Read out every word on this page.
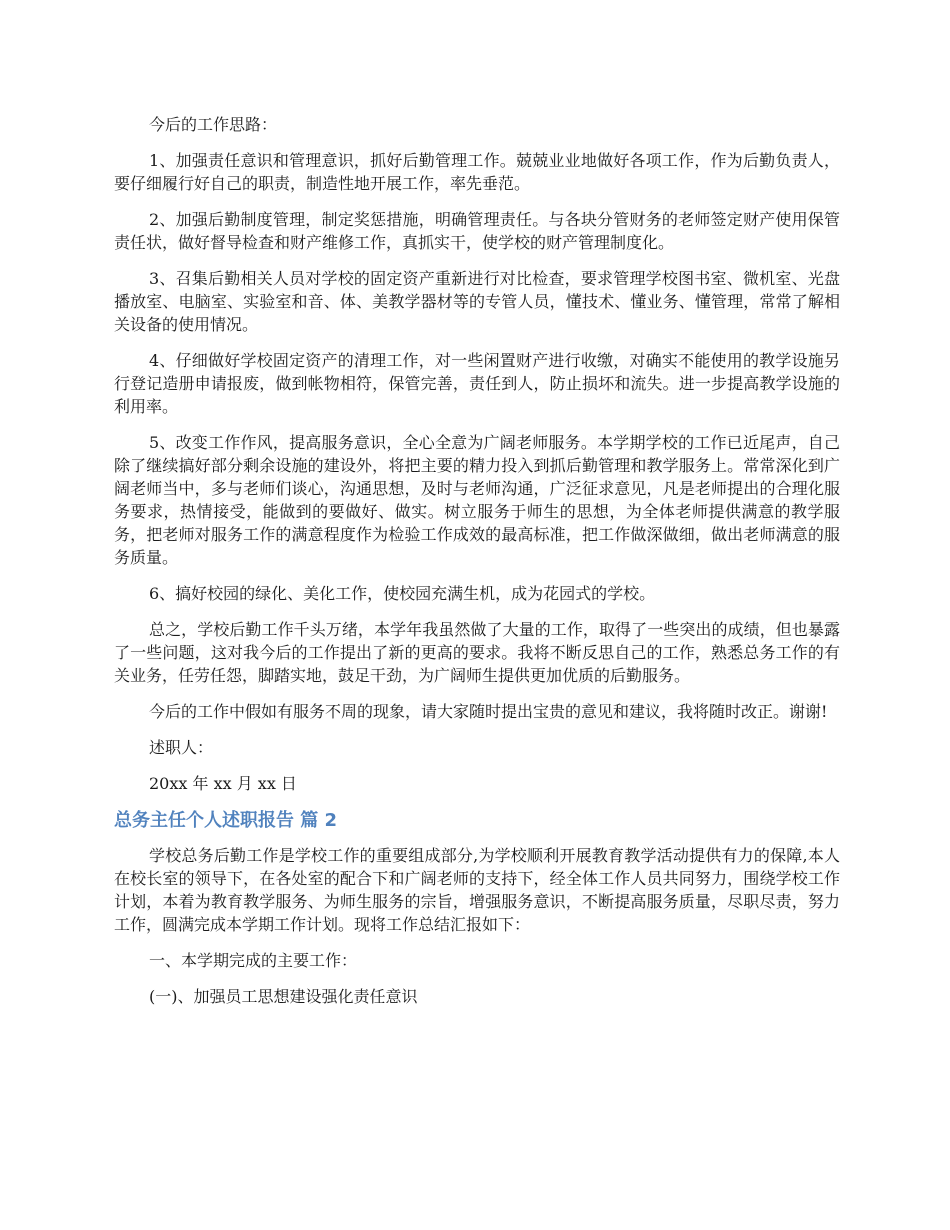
今后的工作思路：

1、加强责任意识和管理意识，抓好后勤管理工作。兢兢业业地做好各项工作，作为后勤负责人，要仔细履行好自己的职责，制造性地开展工作，率先垂范。

2、加强后勤制度管理，制定奖惩措施，明确管理责任。与各块分管财务的老师签定财产使用保管责任状，做好督导检查和财产维修工作，真抓实干，使学校的财产管理制度化。

3、召集后勤相关人员对学校的固定资产重新进行对比检查，要求管理学校图书室、微机室、光盘播放室、电脑室、实验室和音、体、美教学器材等的专管人员，懂技术、懂业务、懂管理，常常了解相关设备的使用情况。

4、仔细做好学校固定资产的清理工作，对一些闲置财产进行收缴，对确实不能使用的教学设施另行登记造册申请报废，做到帐物相符，保管完善，责任到人，防止损坏和流失。进一步提高教学设施的利用率。

5、改变工作作风，提高服务意识，全心全意为广阔老师服务。本学期学校的工作已近尾声，自己除了继续搞好部分剩余设施的建设外，将把主要的精力投入到抓后勤管理和教学服务上。常常深化到广阔老师当中，多与老师们谈心，沟通思想，及时与老师沟通，广泛征求意见，凡是老师提出的合理化服务要求，热情接受，能做到的要做好、做实。树立服务于师生的思想，为全体老师提供满意的教学服务，把老师对服务工作的满意程度作为检验工作成效的最高标准，把工作做深做细，做出老师满意的服务质量。

6、搞好校园的绿化、美化工作，使校园充满生机，成为花园式的学校。

总之，学校后勤工作千头万绪，本学年我虽然做了大量的工作，取得了一些突出的成绩，但也暴露了一些问题，这对我今后的工作提出了新的更高的要求。我将不断反思自己的工作，熟悉总务工作的有关业务，任劳任怨，脚踏实地，鼓足干劲，为广阔师生提供更加优质的后勤服务。

今后的工作中假如有服务不周的现象，请大家随时提出宝贵的意见和建议，我将随时改正。谢谢!

述职人：

20xx 年 xx 月 xx 日

总务主任个人述职报告 篇 2

学校总务后勤工作是学校工作的重要组成部分,为学校顺利开展教育教学活动提供有力的保障,本人在校长室的领导下，在各处室的配合下和广阔老师的支持下，经全体工作人员共同努力，围绕学校工作计划，本着为教育教学服务、为师生服务的宗旨，增强服务意识，不断提高服务质量，尽职尽责，努力工作，圆满完成本学期工作计划。现将工作总结汇报如下：

一、本学期完成的主要工作：

(一)、加强员工思想建设强化责任意识
